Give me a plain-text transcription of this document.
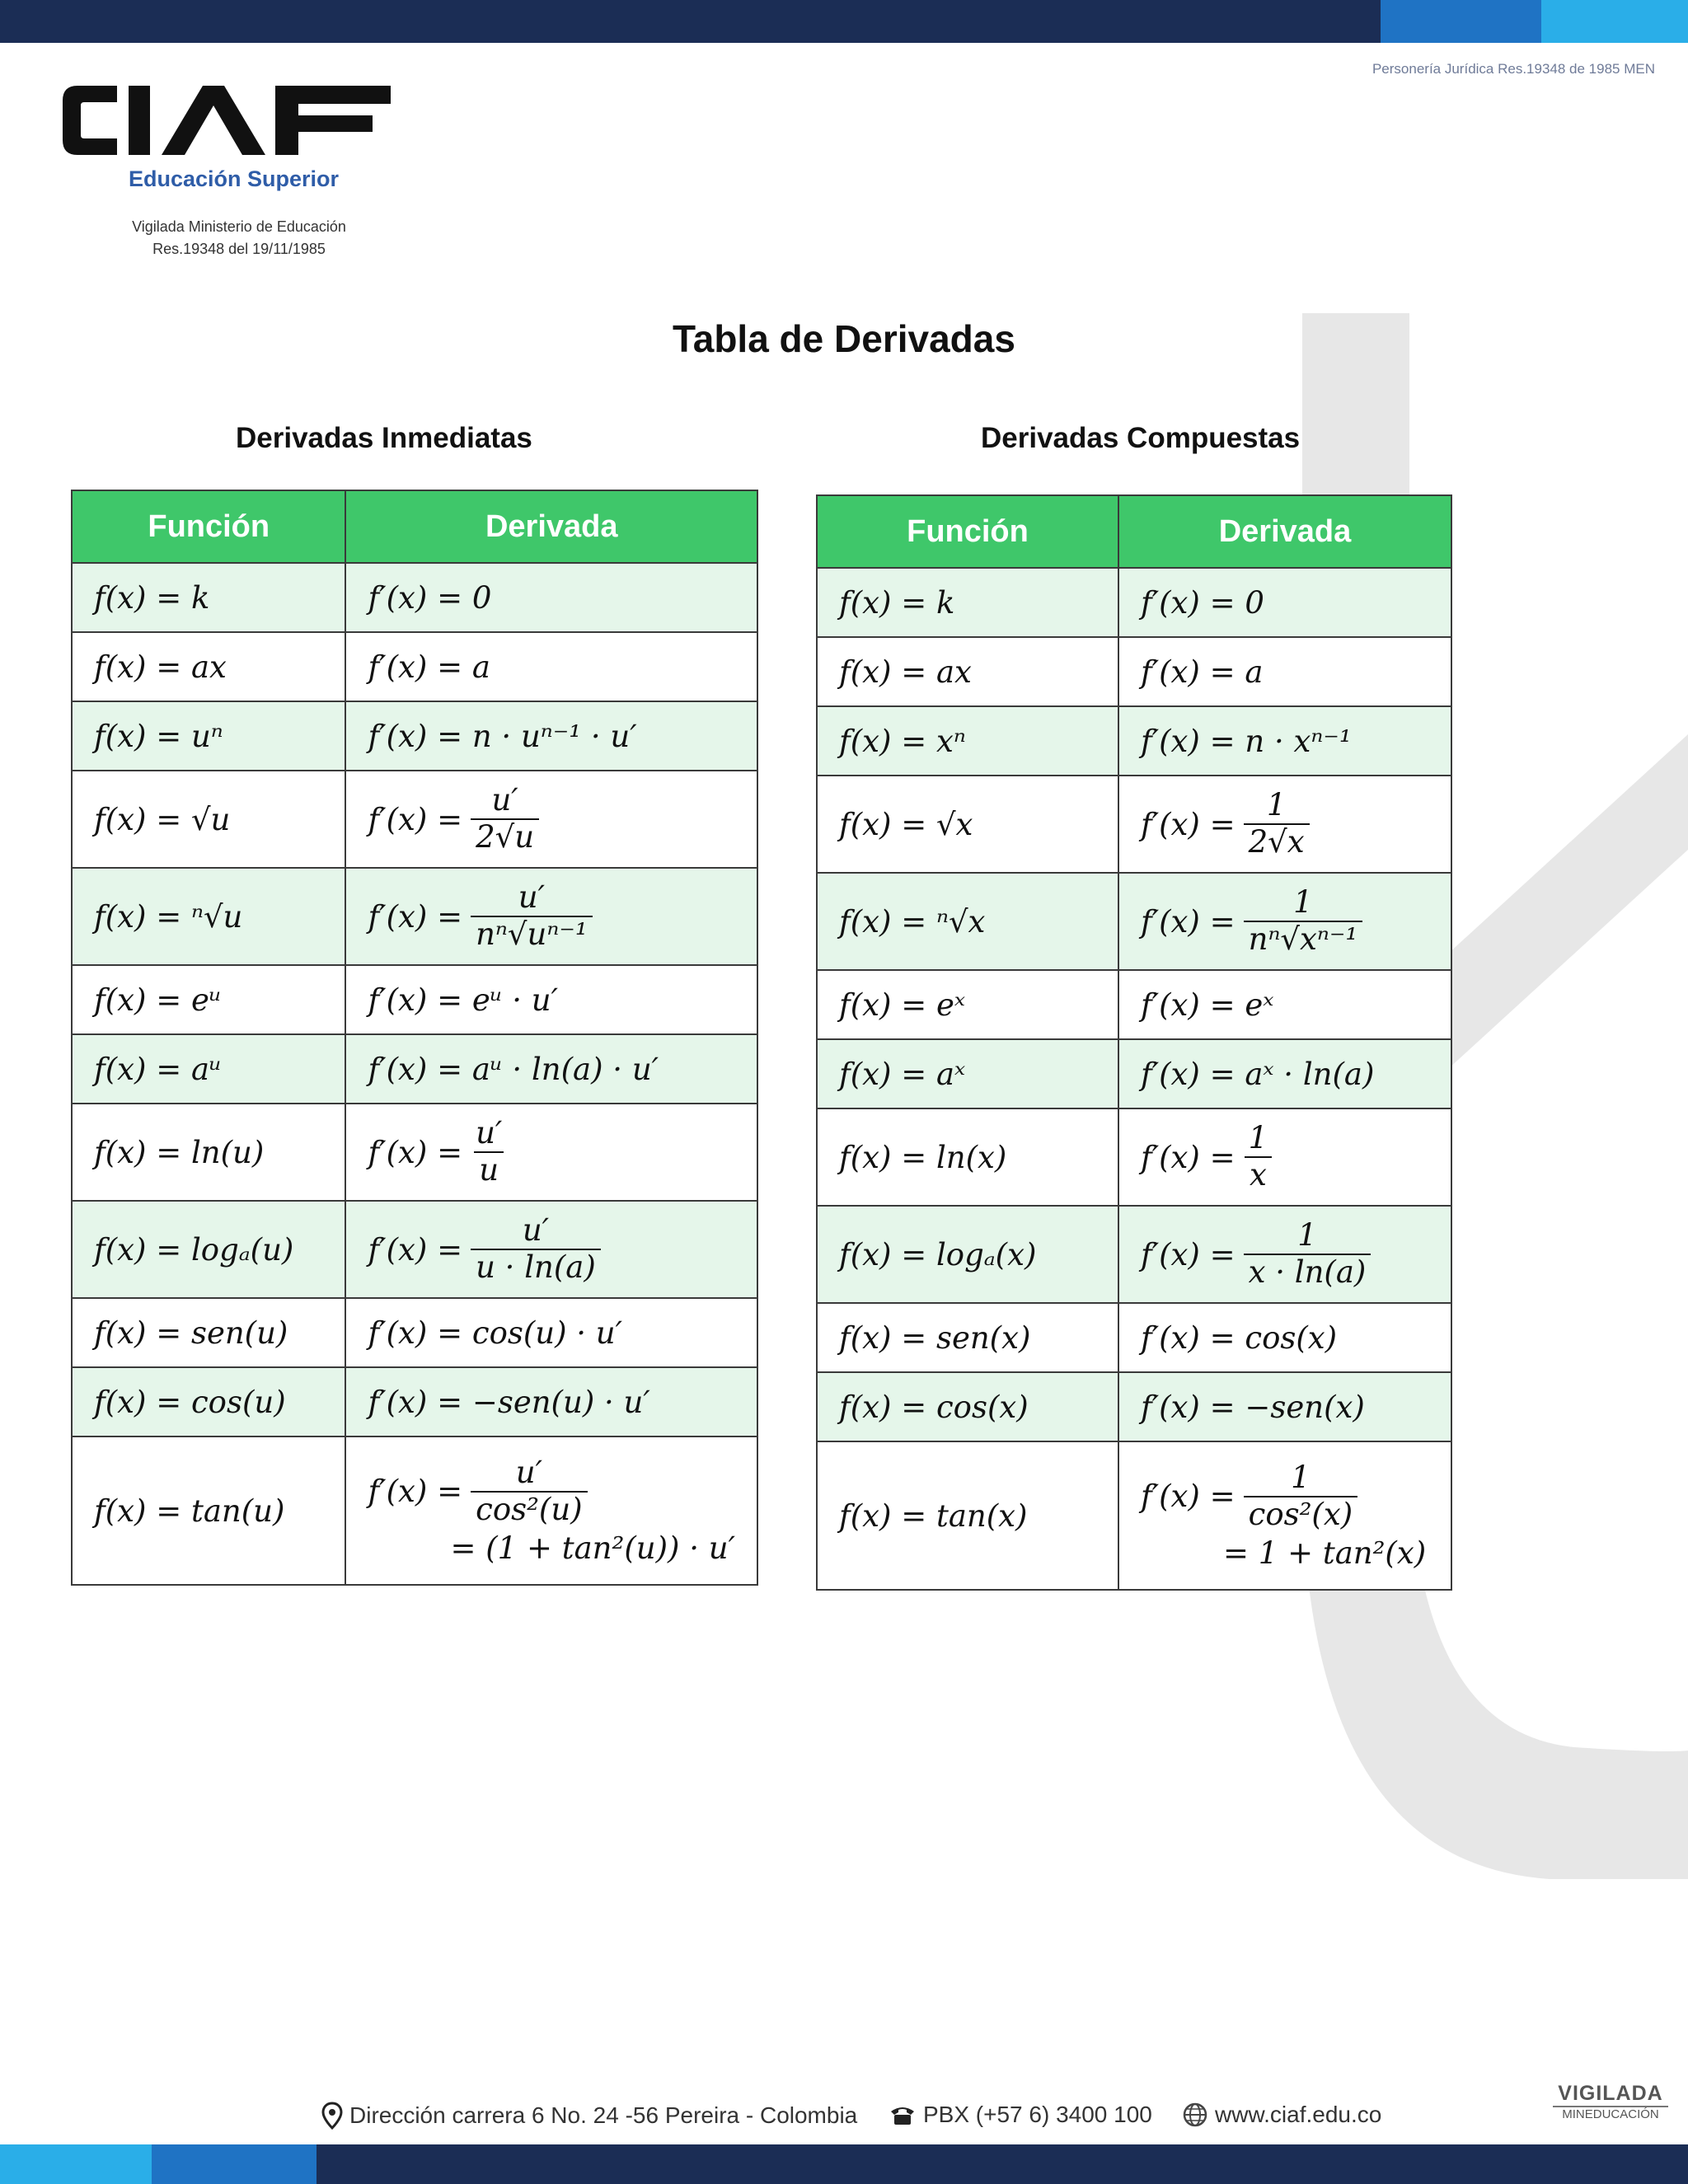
Personería Jurídica Res.19348 de 1985 MEN
Educación Superior
Vigilada Ministerio de Educación
Res.19348 del 19/11/1985
Tabla de Derivadas
Derivadas Inmediatas	Derivadas Compuestas
Función	Derivada
f(x) = k	f′(x) = 0
f(x) = ax	f′(x) = a
f(x) = uⁿ	f′(x) = n · uⁿ⁻¹ · u′
f(x) = √u	$f'(x) = \frac{u'}{2√u}$

f(x) = ⁿ√u	$f'(x) = \frac{u'}{\text{nⁿ√uⁿ⁻¹}}$

f(x) = eᵘ	f′(x) = eᵘ · u′
f(x) = aᵘ	f′(x) = aᵘ · ln(a) · u′
f(x) = ln(u)	$f'(x) = \frac{u'}{u}$

f(x) = logₐ(u)	$f'(x) = \frac{u'}{u \cdot \ln(a)}$

f(x) = sen(u)	f′(x) = cos(u) · u′
f(x) = cos(u)	f′(x) = −sen(u) · u′
f(x) = tan(u)	$f'(x) = \frac{u'}{\text{cos²(u)}}$
= (1 + tan²(u)) · u′
Función	Derivada
f(x) = k	f′(x) = 0
f(x) = ax	f′(x) = a
f(x) = xⁿ	f′(x) = n · xⁿ⁻¹
f(x) = √x	$f'(x) = \frac{1}{2√x}$

f(x) = ⁿ√x	$f'(x) = \frac{1}{\text{nⁿ√xⁿ⁻¹}}$

f(x) = eˣ	f′(x) = eˣ
f(x) = aˣ	f′(x) = aˣ · ln(a)
f(x) = ln(x)	$f'(x) = \frac{1}{x}$

f(x) = logₐ(x)	$f'(x) = \frac{1}{x \cdot \ln(a)}$

f(x) = sen(x)	f′(x) = cos(x)
f(x) = cos(x)	f′(x) = −sen(x)
f(x) = tan(x)	$f'(x) = \frac{1}{\text{cos²(x)}}$
= 1 + tan²(x)
Dirección carrera 6 No. 24 -56 Pereira - Colombia	PBX (+57 6) 3400 100	www.ciaf.edu.co
VIGILADA
MINEDUCACIÓN
